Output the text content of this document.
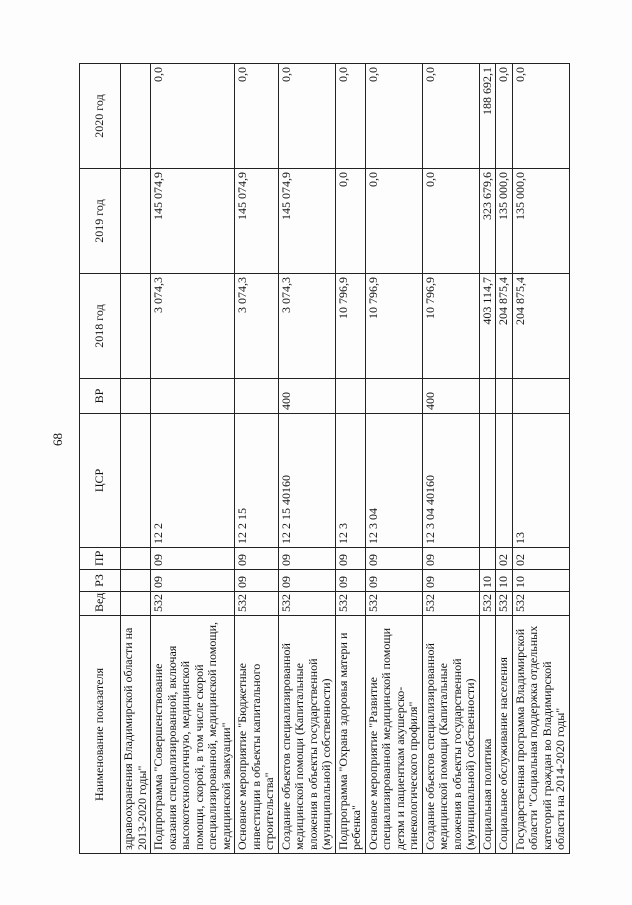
68
Наименование показателя	Вед	РЗ	ПР	ЦСР	ВР	2018 год	2019 год	2020 год
здравоохранения Владимирской области на 2013-2020 годы"								
Подпрограмма "Совершенствование оказания специализированной, включая высокотехнологичную, медицинской помощи, скорой, в том числе скорой специализированной, медицинской помощи, медицинской эвакуации"	532	09	09	12 2		3 074,3	145 074,9	0,0
Основное мероприятие "Бюджетные инвестиции в объекты капитального строительства"	532	09	09	12 2 15		3 074,3	145 074,9	0,0
Создание объектов специализированной медицинской помощи (Капитальные вложения в объекты государственной (муниципальной) собственности)	532	09	09	12 2 15 40160	400	3 074,3	145 074,9	0,0
Подпрограмма "Охрана здоровья матери и ребенка"	532	09	09	12 3		10 796,9	0,0	0,0
Основное мероприятие "Развитие специализированной медицинской помощи детям и пациенткам акушерско-гинекологического профиля"	532	09	09	12 3 04		10 796,9	0,0	0,0
Создание объектов специализированной медицинской помощи (Капитальные вложения в объекты государственной (муниципальной) собственности)	532	09	09	12 3 04 40160	400	10 796,9	0,0	0,0
Социальная политика	532	10				403 114,7	323 679,6	188 692,1
Социальное обслуживание населения	532	10	02			204 875,4	135 000,0	0,0
Государственная программа Владимирской области "Социальная поддержка отдельных категорий граждан во Владимирской области на 2014-2020 годы"	532	10	02	13		204 875,4	135 000,0	0,0
